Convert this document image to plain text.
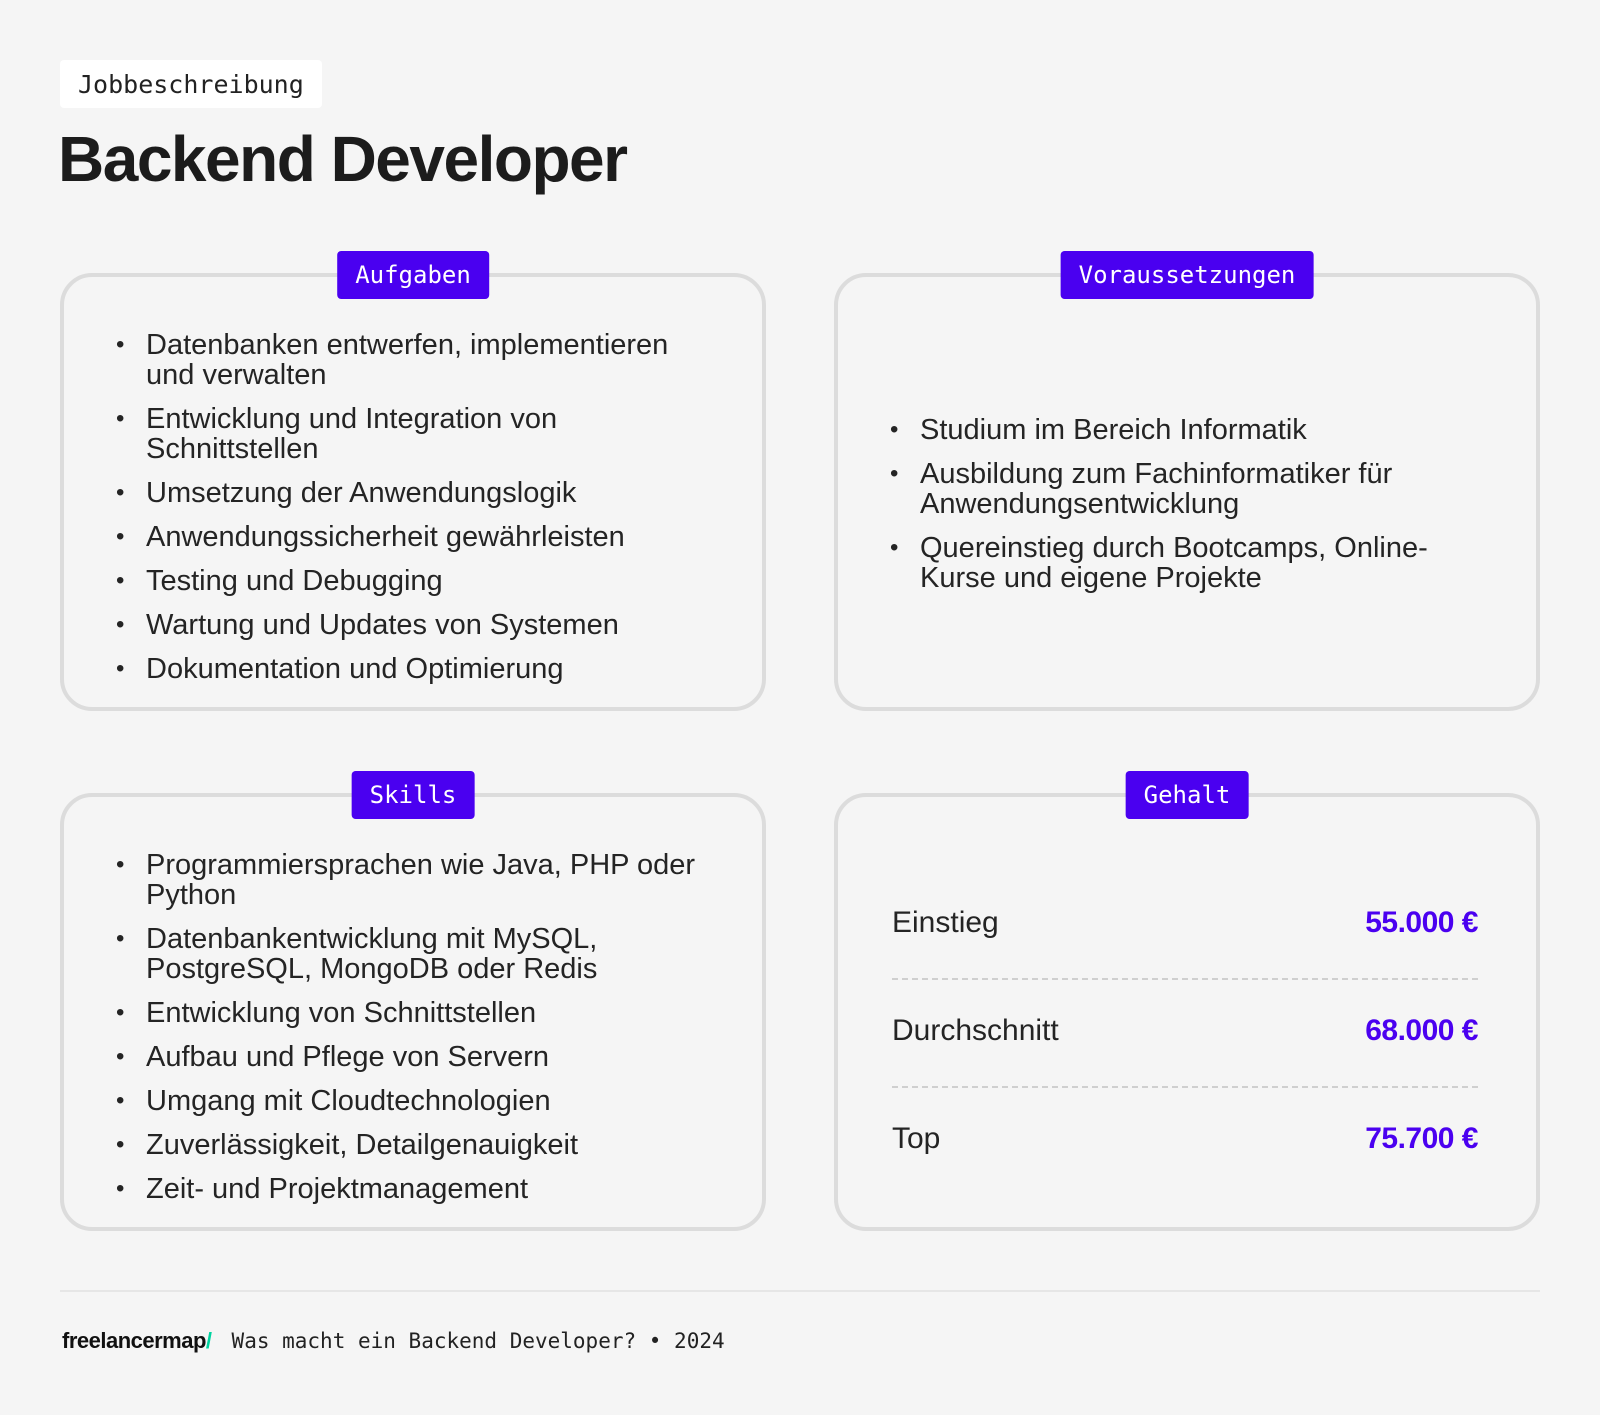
Jobbeschreibung
Backend Developer
Aufgaben
• Datenbanken entwerfen, implementieren und verwalten
• Entwicklung und Integration von Schnittstellen
• Umsetzung der Anwendungslogik
• Anwendungssicherheit gewährleisten
• Testing und Debugging
• Wartung und Updates von Systemen
• Dokumentation und Optimierung
Voraussetzungen
• Studium im Bereich Informatik
• Ausbildung zum Fachinformatiker für Anwendungsentwicklung
• Quereinstieg durch Bootcamps, Online-Kurse und eigene Projekte
Skills
• Programmiersprachen wie Java, PHP oder Python
• Datenbankentwicklung mit MySQL, PostgreSQL, MongoDB oder Redis
• Entwicklung von Schnittstellen
• Aufbau und Pflege von Servern
• Umgang mit Cloudtechnologien
• Zuverlässigkeit, Detailgenauigkeit
• Zeit- und Projektmanagement
Gehalt
Einstieg	55.000 €
Durchschnitt	68.000 €
Top	75.700 €
freelancermap/ Was macht ein Backend Developer? • 2024
